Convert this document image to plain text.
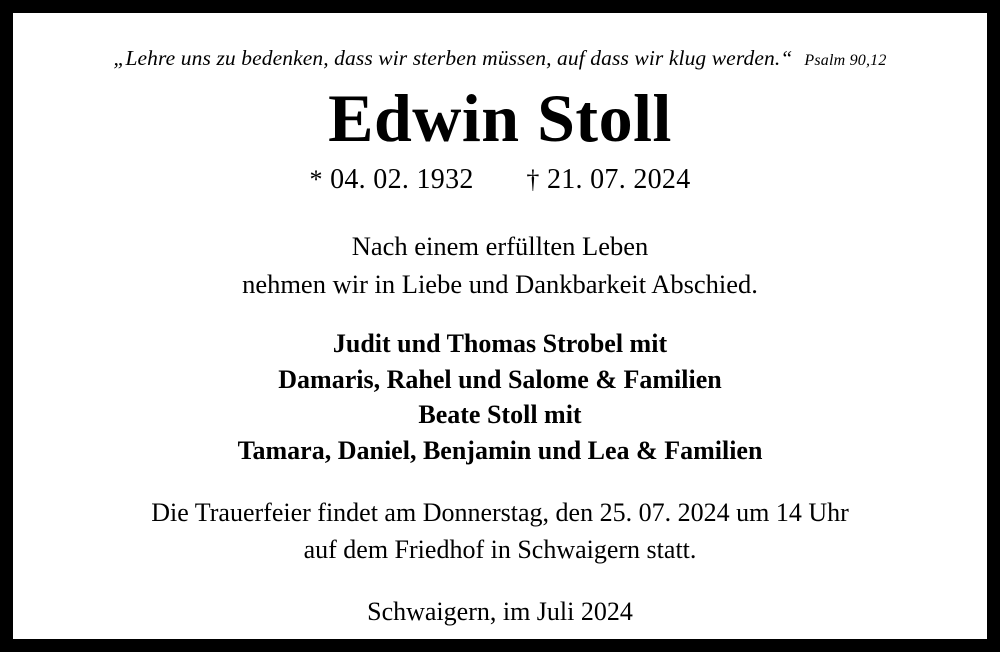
„Lehre uns zu bedenken, dass wir sterben müssen, auf dass wir klug werden.“ Psalm 90,12
Edwin Stoll
* 04. 02. 1932 † 21. 07. 2024
Nach einem erfüllten Leben
nehmen wir in Liebe und Dankbarkeit Abschied.
Judit und Thomas Strobel mit
Damaris, Rahel und Salome & Familien
Beate Stoll mit
Tamara, Daniel, Benjamin und Lea & Familien
Die Trauerfeier findet am Donnerstag, den 25. 07. 2024 um 14 Uhr
auf dem Friedhof in Schwaigern statt.
Schwaigern, im Juli 2024
